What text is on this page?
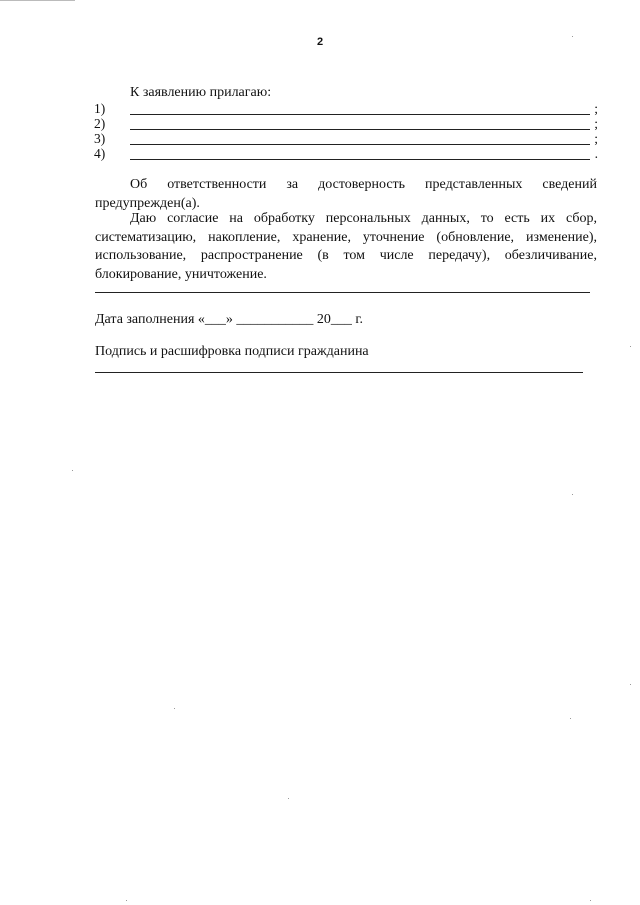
2
К заявлению прилагаю:
1)	;
2)	;
3)	;
4)	.
Об ответственности за достоверность представленных сведений предупрежден(а).
Даю согласие на обработку персональных данных, то есть их сбор, систематизацию, накопление, хранение, уточнение (обновление, изменение), использование, распространение (в том числе передачу), обезличивание, блокирование, уничтожение.
Дата заполнения «___» ___________ 20___ г.
Подпись и расшифровка подписи гражданина
